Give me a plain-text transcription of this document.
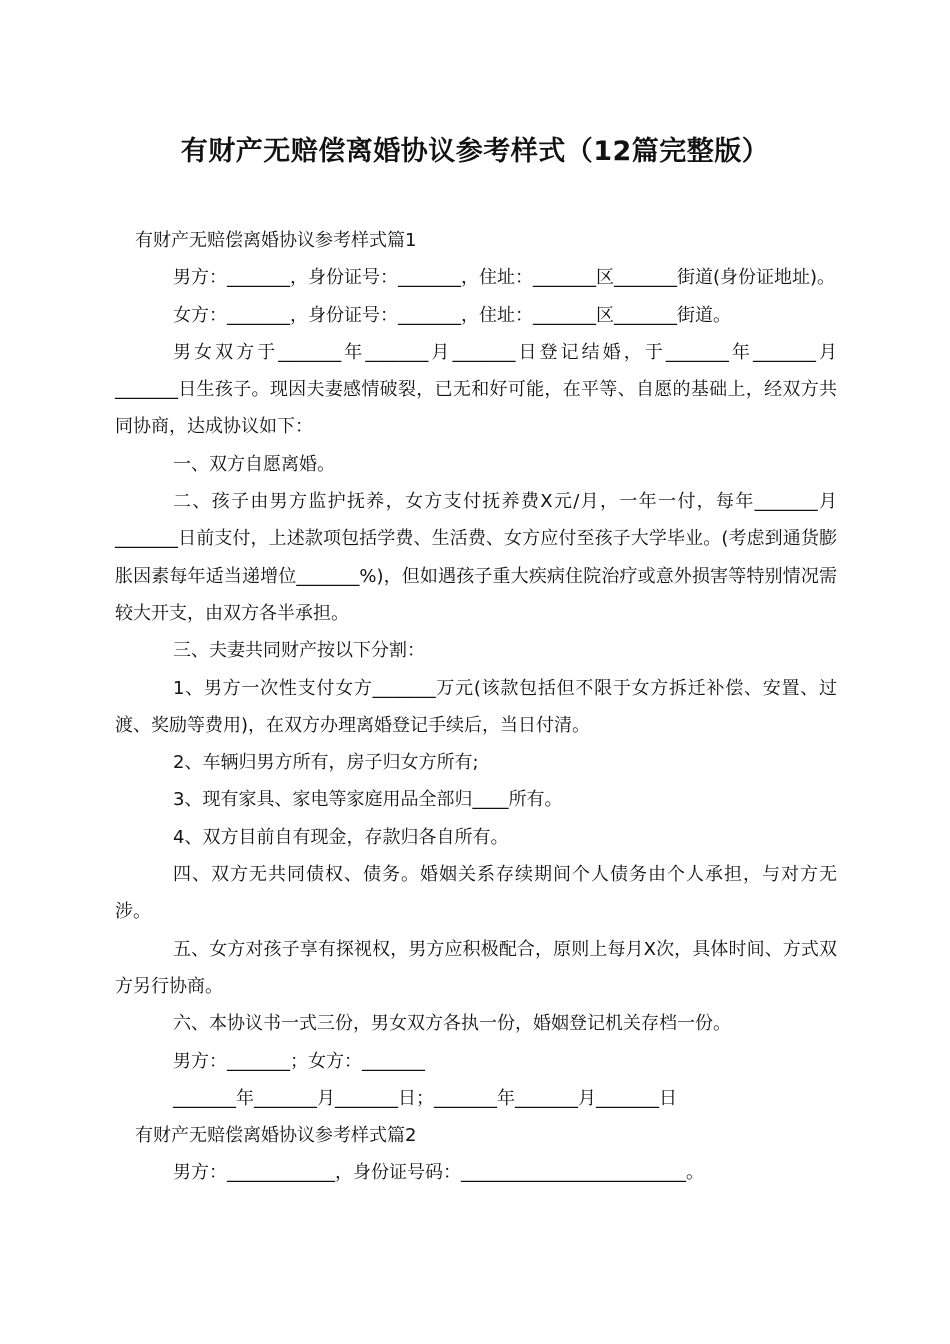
有财产无赔偿离婚协议参考样式（12篇完整版）

有财产无赔偿离婚协议参考样式篇1

男方：_______，身份证号：_______，住址：_______区_______街道(身份证地址)。

女方：_______，身份证号：_______，住址：_______区_______街道。

男女双方于_______年_______月_______日登记结婚，于_______年_______月_______日生孩子。现因夫妻感情破裂，已无和好可能，在平等、自愿的基础上，经双方共同协商，达成协议如下：

一、双方自愿离婚。

二、孩子由男方监护抚养，女方支付抚养费X元/月，一年一付，每年_______月_______日前支付，上述款项包括学费、生活费、女方应付至孩子大学毕业。(考虑到通货膨胀因素每年适当递增位_______%)，但如遇孩子重大疾病住院治疗或意外损害等特别情况需较大开支，由双方各半承担。

三、夫妻共同财产按以下分割：

1、男方一次性支付女方_______万元(该款包括但不限于女方拆迁补偿、安置、过渡、奖励等费用)，在双方办理离婚登记手续后，当日付清。

2、车辆归男方所有，房子归女方所有;

3、现有家具、家电等家庭用品全部归____所有。

4、双方目前自有现金，存款归各自所有。

四、双方无共同债权、债务。婚姻关系存续期间个人债务由个人承担，与对方无涉。

五、女方对孩子享有探视权，男方应积极配合，原则上每月X次，具体时间、方式双方另行协商。

六、本协议书一式三份，男女双方各执一份，婚姻登记机关存档一份。

男方：_______；女方：_______

_______年_______月_______日；_______年_______月_______日

有财产无赔偿离婚协议参考样式篇2

男方：____________，身份证号码：_________________________。
